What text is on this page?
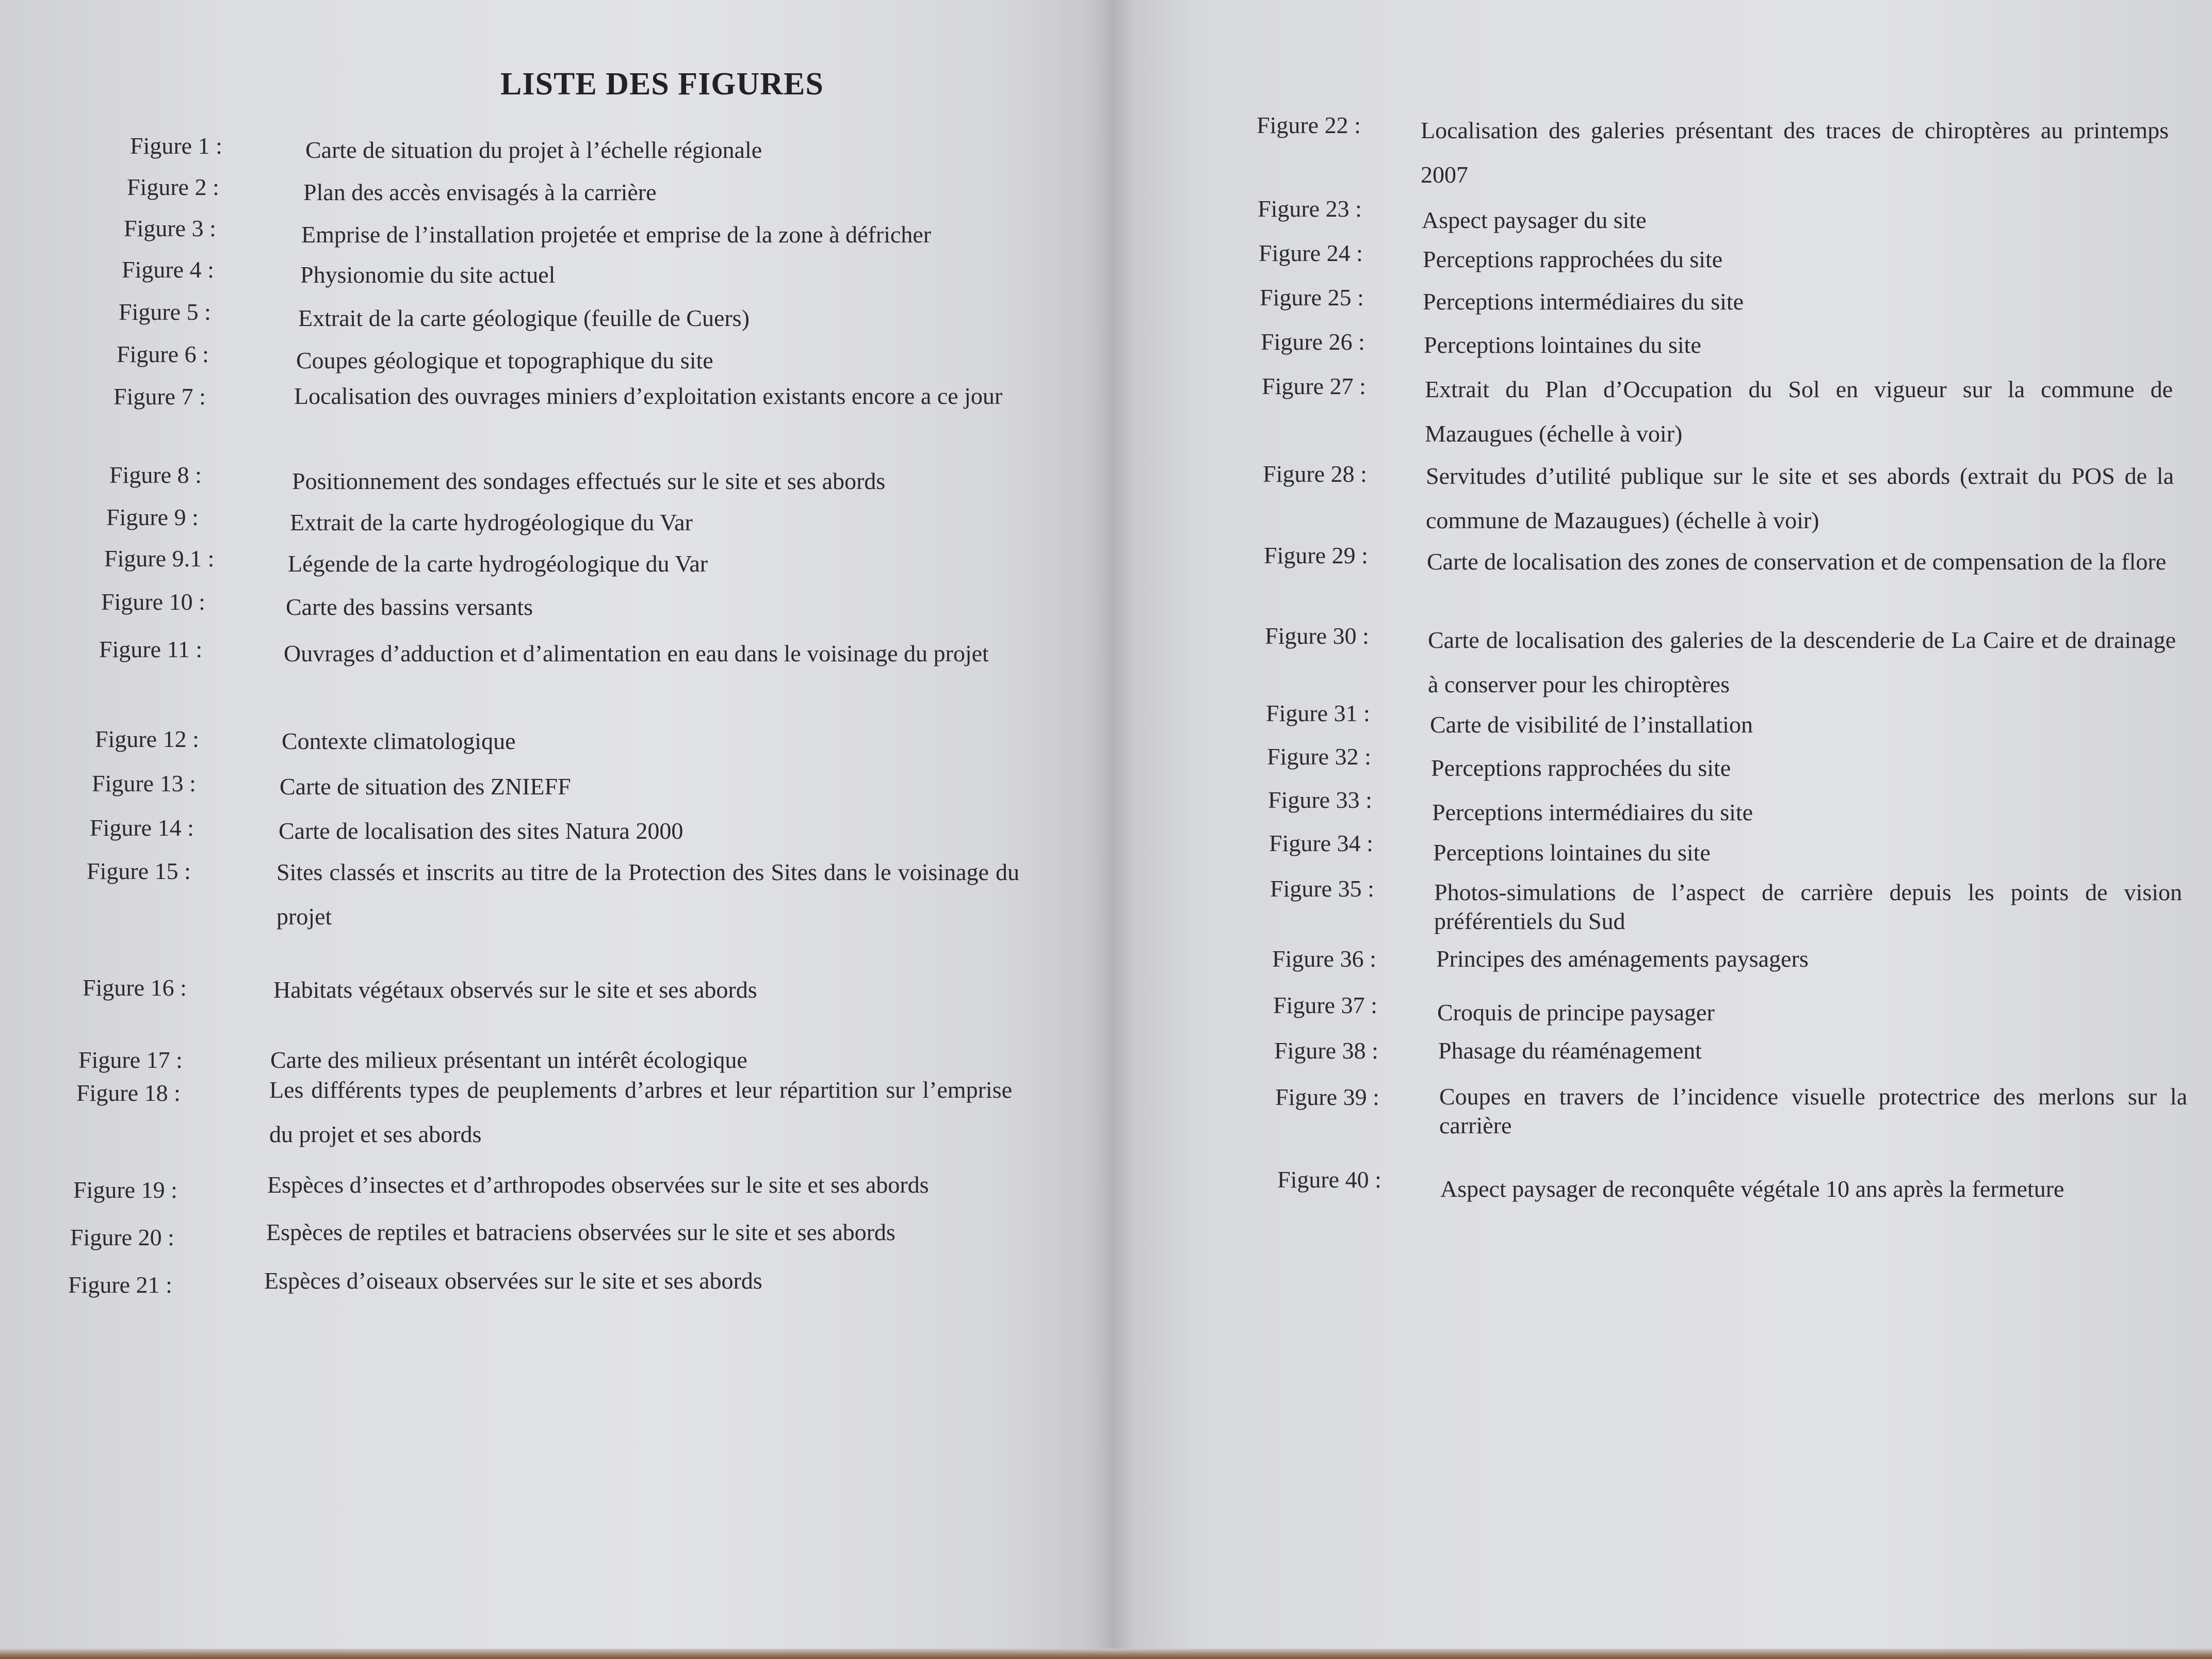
LISTE DES FIGURES
Figure 1 :	Carte de situation du projet à l’échelle régionale
Figure 2 :	Plan des accès envisagés à la carrière
Figure 3 :	Emprise de l’installation projetée et emprise de la zone à défricher
Figure 4 :	Physionomie du site actuel
Figure 5 :	Extrait de la carte géologique (feuille de Cuers)
Figure 6 :	Coupes géologique et topographique du site
Figure 7 :	Localisation des ouvrages miniers d’exploitation existants encore a ce jour
Figure 8 :	Positionnement des sondages effectués sur le site et ses abords
Figure 9 :	Extrait de la carte hydrogéologique du Var
Figure 9.1 :	Légende de la carte hydrogéologique du Var
Figure 10 :	Carte des bassins versants
Figure 11 :	Ouvrages d’adduction et d’alimentation en eau dans le voisinage du projet
Figure 12 :	Contexte climatologique
Figure 13 :	Carte de situation des ZNIEFF
Figure 14 :	Carte de localisation des sites Natura 2000
Figure 15 :	Sites classés et inscrits au titre de la Protection des Sites dans le voisinage du projet
Figure 16 :	Habitats végétaux observés sur le site et ses abords
Figure 17 :	Carte des milieux présentant un intérêt écologique
Figure 18 :	Les différents types de peuplements d’arbres et leur répartition sur l’emprise du projet et ses abords
Figure 19 :	Espèces d’insectes et d’arthropodes observées sur le site et ses abords
Figure 20 :	Espèces de reptiles et batraciens observées sur le site et ses abords
Figure 21 :	Espèces d’oiseaux observées sur le site et ses abords
Figure 22 :	Localisation des galeries présentant des traces de chiroptères au printemps 2007
Figure 23 :	Aspect paysager du site
Figure 24 :	Perceptions rapprochées du site
Figure 25 : Perceptions intermédiaires du site
Figure 26 : Perceptions lointaines du site
Figure 27 : Extrait du Plan d’Occupation du Sol en vigueur sur la commune de Mazaugues (échelle à voir)
Figure 28 : Servitudes d’utilité publique sur le site et ses abords (extrait du POS de la commune de Mazaugues) (échelle à voir)
Figure 29 : Carte de localisation des zones de conservation et de compensation de la flore
Figure 30 : Carte de localisation des galeries de la descenderie de La Caire et de drainage à conserver pour les chiroptères
Figure 31 :	Carte de visibilité de l’installation
Figure 32 :	Perceptions rapprochées du site
Figure 33 :	Perceptions intermédiaires du site
Figure 34 :	Perceptions lointaines du site
Figure 35 :	Photos-simulations de l’aspect de carrière depuis les points de vision préférentiels du Sud
Figure 36 :	Principes des aménagements paysagers
Figure 37 :	Croquis de principe paysager
Figure 38 :	Phasage du réaménagement
Figure 39 :	Coupes en travers de l’incidence visuelle protectrice des merlons sur la carrière
Figure 40 : Aspect paysager de reconquête végétale 10 ans après la fermeture
